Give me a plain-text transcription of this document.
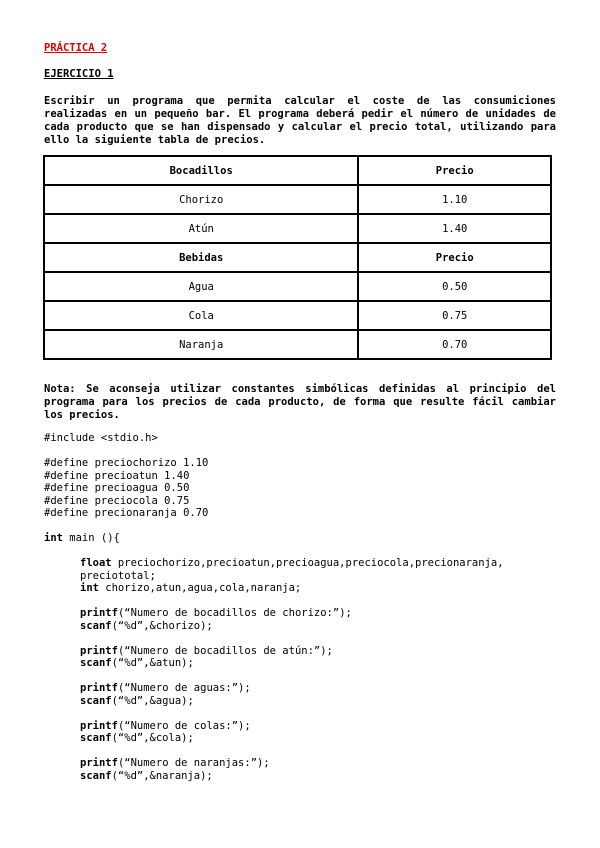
PRÁCTICA 2
EJERCICIO 1

Escribir un programa que permita calcular el coste de las consumiciones realizadas en un pequeño bar. El programa deberá pedir el número de unidades de cada producto que se han dispensado y calcular el precio total, utilizando para ello la siguiente tabla de precios.

Bocadillos	Precio
Chorizo	1.10
Atún	1.40
Bebidas	Precio
Agua	0.50
Cola	0.75
Naranja	0.70

Nota: Se aconseja utilizar constantes simbólicas definidas al principio del programa para los precios de cada producto, de forma que resulte fácil cambiar los precios.

#include <stdio.h>
#define preciochorizo 1.10
#define precioatun 1.40
#define precioagua 0.50
#define preciocola 0.75
#define precionaranja 0.70
int main (){
float preciochorizo,precioatun,precioagua,preciocola,precionaranja,
preciototal;
int chorizo,atun,agua,cola,naranja;
printf(“Numero de bocadillos de chorizo:”);
scanf(“%d”,&chorizo);
printf(“Numero de bocadillos de atún:”);
scanf(“%d”,&atun);
printf(“Numero de aguas:”);
scanf(“%d”,&agua);
printf(“Numero de colas:”);
scanf(“%d”,&cola);
printf(“Numero de naranjas:”);
scanf(“%d”,&naranja);
